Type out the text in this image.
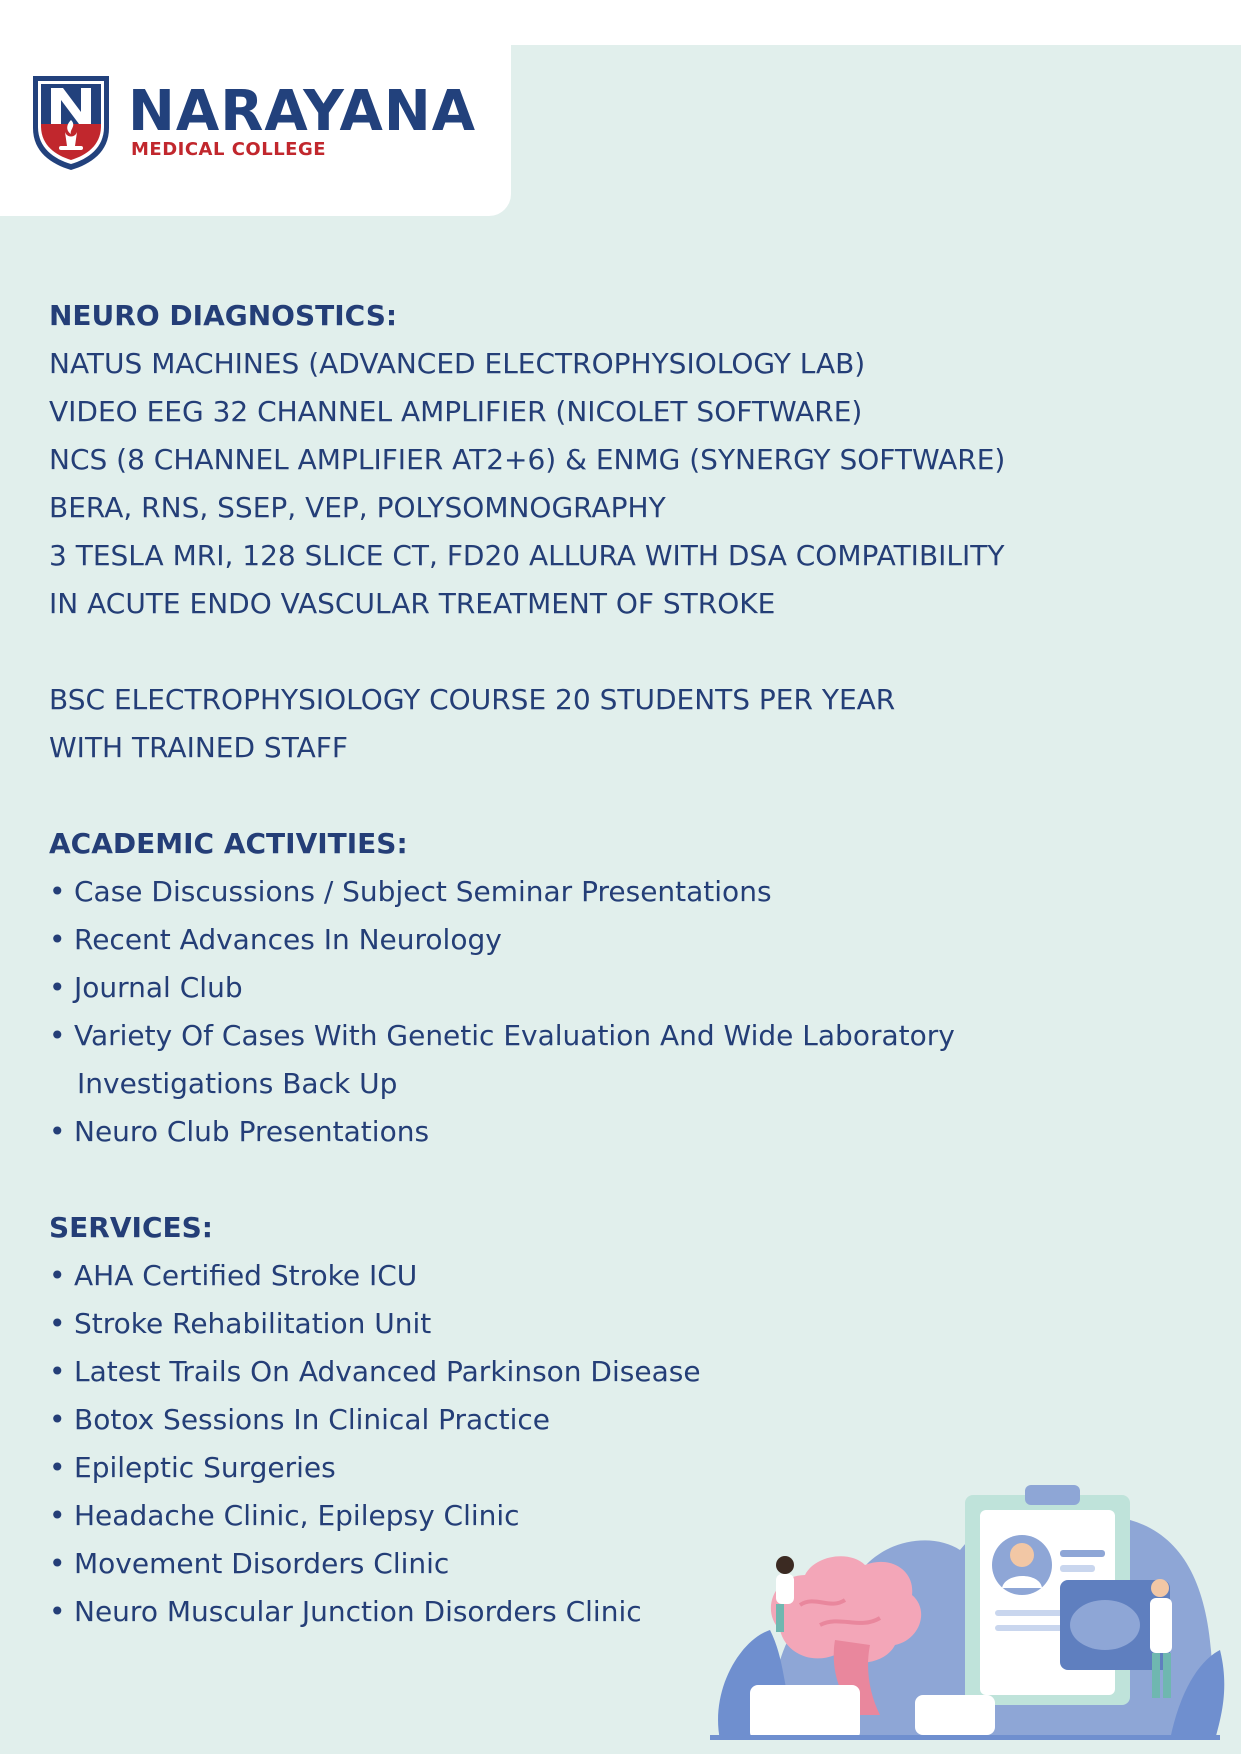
NARAYANA
MEDICAL COLLEGE
NEURO DIAGNOSTICS:
NATUS MACHINES (ADVANCED ELECTROPHYSIOLOGY LAB)
VIDEO EEG 32 CHANNEL AMPLIFIER (NICOLET SOFTWARE)
NCS (8 CHANNEL AMPLIFIER AT2+6) & ENMG (SYNERGY SOFTWARE)
BERA, RNS, SSEP, VEP, POLYSOMNOGRAPHY
3 TESLA MRI, 128 SLICE CT, FD20 ALLURA WITH DSA COMPATIBILITY
IN ACUTE ENDO VASCULAR TREATMENT OF STROKE
BSC ELECTROPHYSIOLOGY COURSE 20 STUDENTS PER YEAR
WITH TRAINED STAFF
ACADEMIC ACTIVITIES:
• Case Discussions / Subject Seminar Presentations
• Recent Advances In Neurology
• Journal Club
• Variety Of Cases With Genetic Evaluation And Wide Laboratory
Investigations Back Up
• Neuro Club Presentations
SERVICES:
• AHA Certified Stroke ICU
• Stroke Rehabilitation Unit
• Latest Trails On Advanced Parkinson Disease
• Botox Sessions In Clinical Practice
• Epileptic Surgeries
• Headache Clinic, Epilepsy Clinic
• Movement Disorders Clinic
• Neuro Muscular Junction Disorders Clinic
